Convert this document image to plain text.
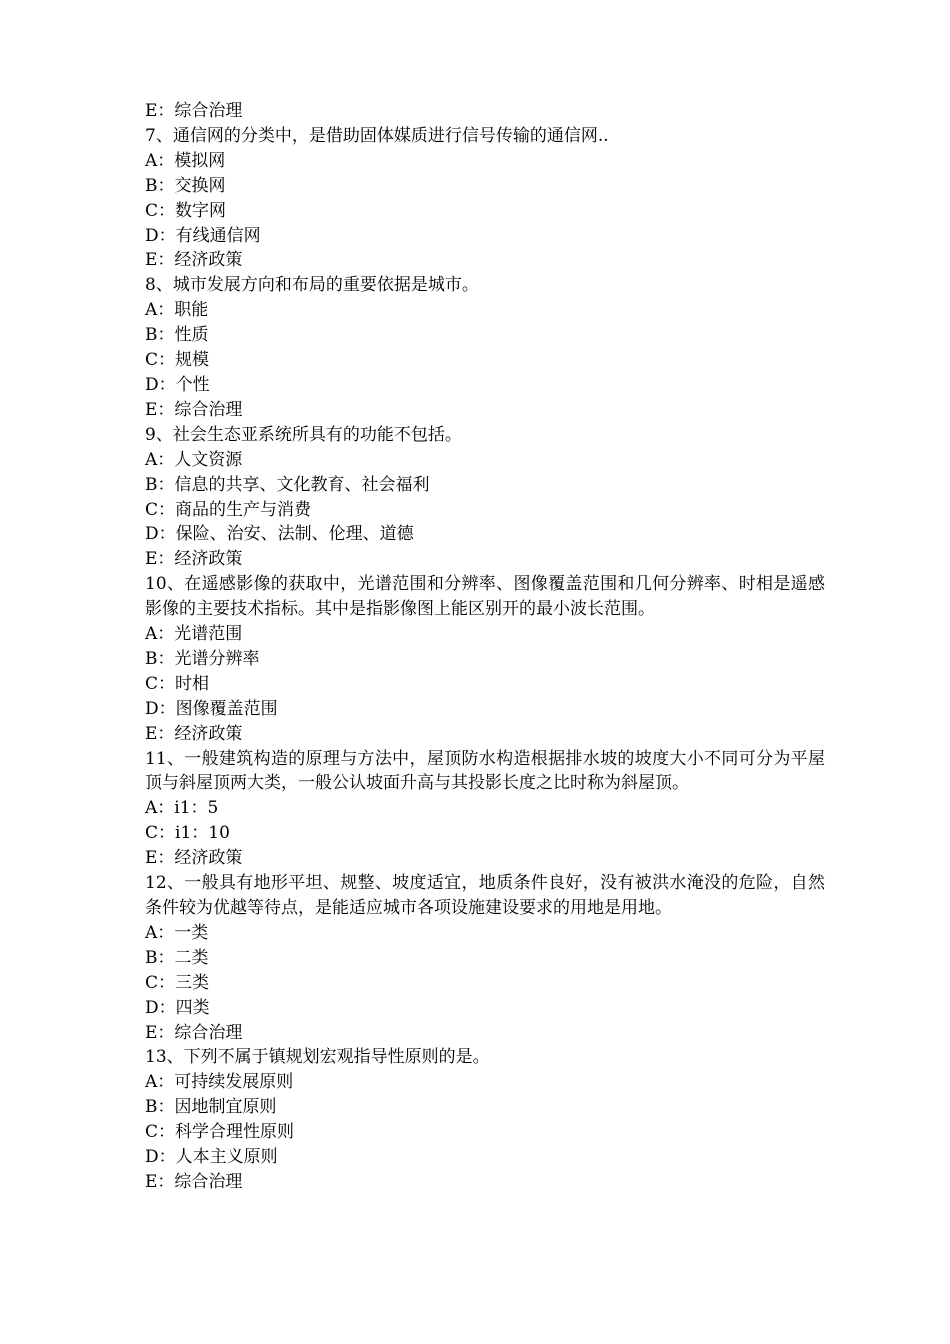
E：综合治理
7、通信网的分类中，是借助固体媒质进行信号传输的通信网..
A：模拟网
B：交换网
C：数字网
D：有线通信网
E：经济政策
8、城市发展方向和布局的重要依据是城市。
A：职能
B：性质
C：规模
D：个性
E：综合治理
9、社会生态亚系统所具有的功能不包括。
A：人文资源
B：信息的共享、文化教育、社会福利
C：商品的生产与消费
D：保险、治安、法制、伦理、道德
E：经济政策
10、在遥感影像的获取中，光谱范围和分辨率、图像覆盖范围和几何分辨率、时相是遥感影像的主要技术指标。其中是指影像图上能区别开的最小波长范围。
A：光谱范围
B：光谱分辨率
C：时相
D：图像覆盖范围
E：经济政策
11、一般建筑构造的原理与方法中，屋顶防水构造根据排水坡的坡度大小不同可分为平屋顶与斜屋顶两大类，一般公认坡面升高与其投影长度之比时称为斜屋顶。
A：i1：5
C：i1：10
E：经济政策
12、一般具有地形平坦、规整、坡度适宜，地质条件良好，没有被洪水淹没的危险，自然条件较为优越等待点，是能适应城市各项设施建设要求的用地是用地。
A：一类
B：二类
C：三类
D：四类
E：综合治理
13、下列不属于镇规划宏观指导性原则的是。
A：可持续发展原则
B：因地制宜原则
C：科学合理性原则
D：人本主义原则
E：综合治理
